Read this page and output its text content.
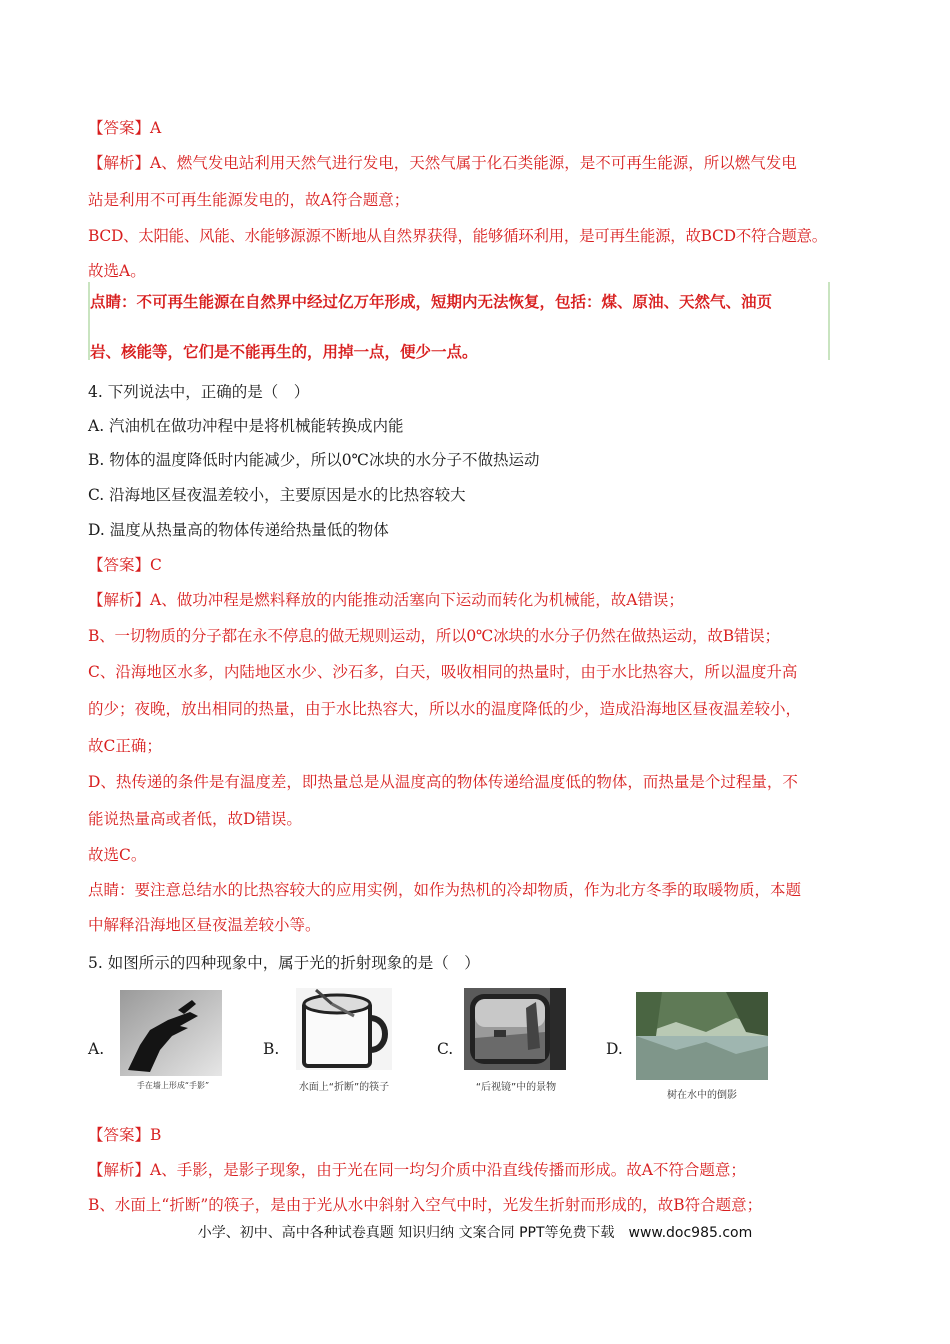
【答案】A
【解析】A、燃气发电站利用天然气进行发电，天然气属于化石类能源，是不可再生能源，所以燃气发电
站是利用不可再生能源发电的，故A符合题意；
BCD、太阳能、风能、水能够源源不断地从自然界获得，能够循环利用，是可再生能源，故BCD不符合题意。
故选A。
点睛：不可再生能源在自然界中经过亿万年形成，短期内无法恢复，包括：煤、原油、天然气、油页
岩、核能等，它们是不能再生的，用掉一点，便少一点。
4. 下列说法中，正确的是（　）
A. 汽油机在做功冲程中是将机械能转换成内能
B. 物体的温度降低时内能减少，所以0℃冰块的水分子不做热运动
C. 沿海地区昼夜温差较小，主要原因是水的比热容较大
D. 温度从热量高的物体传递给热量低的物体
【答案】C
【解析】A、做功冲程是燃料释放的内能推动活塞向下运动而转化为机械能，故A错误；
B、一切物质的分子都在永不停息的做无规则运动，所以0℃冰块的水分子仍然在做热运动，故B错误；
C、沿海地区水多，内陆地区水少、沙石多，白天，吸收相同的热量时，由于水比热容大，所以温度升高
的少；夜晚，放出相同的热量，由于水比热容大，所以水的温度降低的少，造成沿海地区昼夜温差较小，
故C正确；
D、热传递的条件是有温度差，即热量总是从温度高的物体传递给温度低的物体，而热量是个过程量，不
能说热量高或者低，故D错误。
故选C。
点睛：要注意总结水的比热容较大的应用实例，如作为热机的冷却物质，作为北方冬季的取暖物质，本题
中解释沿海地区昼夜温差较小等。
5. 如图所示的四种现象中，属于光的折射现象的是（　）
A.
手在墙上形成“手影”
B.
水面上“折断”的筷子
C.
“后视镜”中的景物
D.
树在水中的倒影
【答案】B
【解析】A、手影，是影子现象，由于光在同一均匀介质中沿直线传播而形成。故A不符合题意；
B、水面上“折断”的筷子，是由于光从水中斜射入空气中时，光发生折射而形成的，故B符合题意；
小学、初中、高中各种试卷真题 知识归纳 文案合同 PPT等免费下载　www.doc985.com
